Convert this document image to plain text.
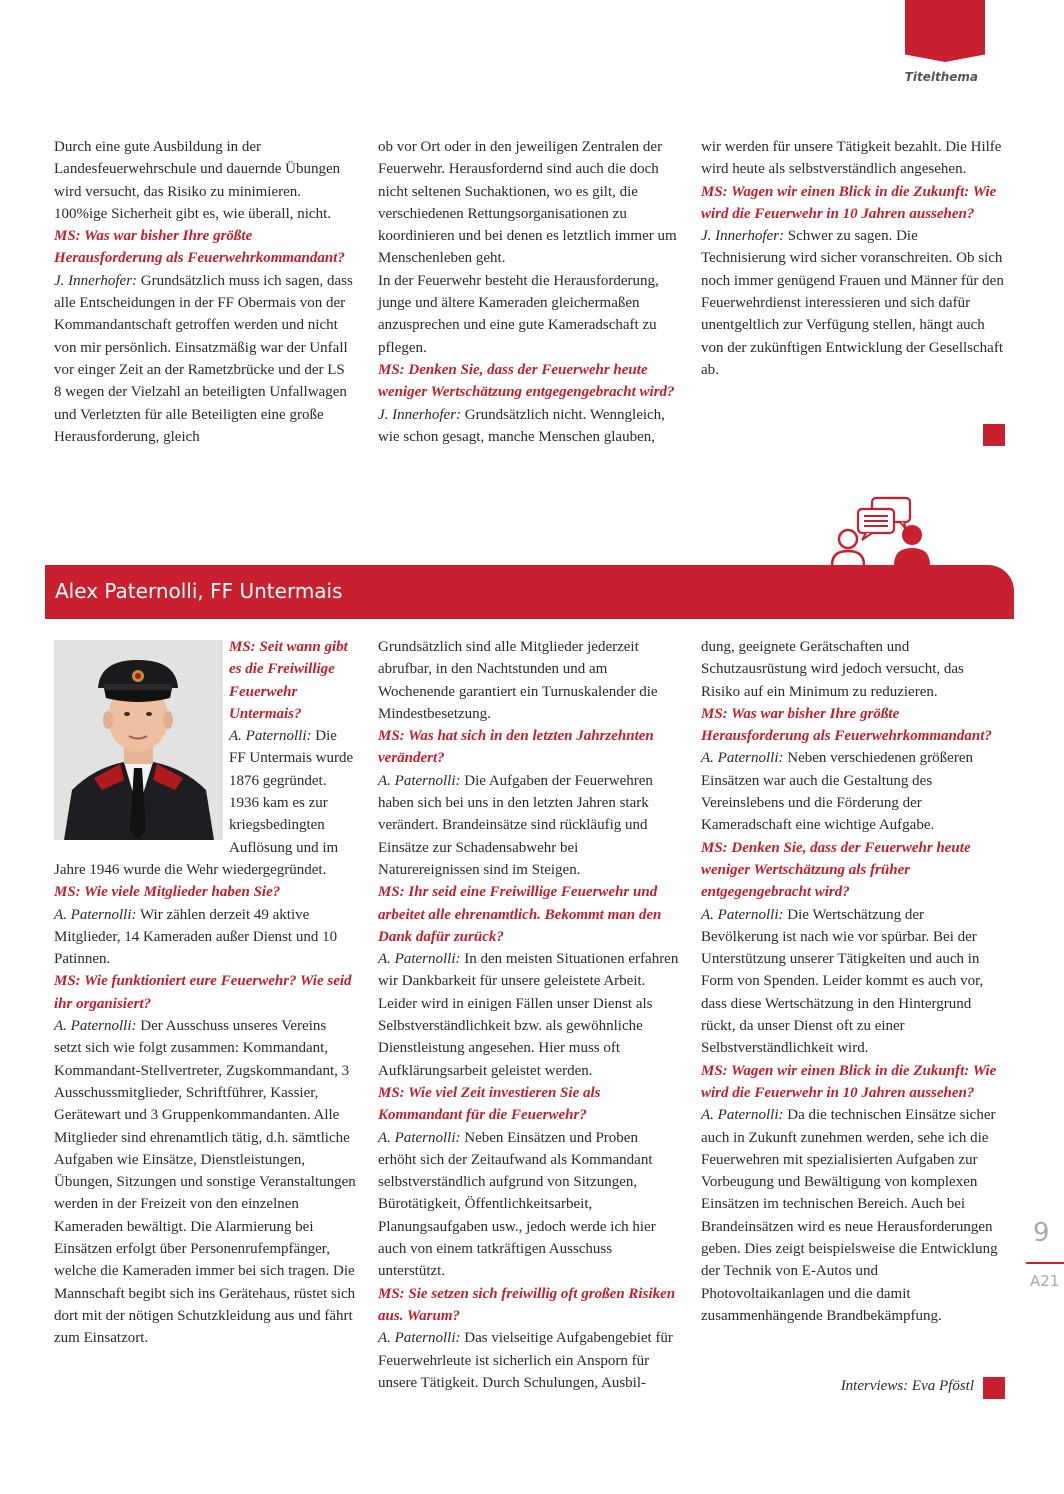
Titelthema

Durch eine gute Ausbildung in der Landesfeuerwehrschule und dauernde Übungen wird versucht, das Risiko zu minimieren. 100%ige Sicherheit gibt es, wie überall, nicht.

MS: Was war bisher Ihre größte Herausforderung als Feuerwehrkommandant?

J. Innerhofer: Grundsätzlich muss ich sagen, dass alle Entscheidungen in der FF Obermais von der Kommandantschaft getroffen werden und nicht von mir persönlich. Einsatzmäßig war der Unfall vor einger Zeit an der Rametzbrücke und der LS 8 wegen der Vielzahl an beteiligten Unfallwagen und Verletzten für alle Beteiligten eine große Herausforderung, gleich

ob vor Ort oder in den jeweiligen Zentralen der Feuerwehr. Herausfordernd sind auch die doch nicht seltenen Suchaktionen, wo es gilt, die verschiedenen Rettungsorganisationen zu koordinieren und bei denen es letztlich immer um Menschenleben geht.

In der Feuerwehr besteht die Herausforderung, junge und ältere Kameraden gleichermaßen anzusprechen und eine gute Kameradschaft zu pflegen.

MS: Denken Sie, dass der Feuerwehr heute weniger Wertschätzung entgegengebracht wird?

J. Innerhofer: Grundsätzlich nicht. Wenngleich, wie schon gesagt, manche Menschen glauben,

wir werden für unsere Tätigkeit bezahlt. Die Hilfe wird heute als selbstverständlich angesehen.

MS: Wagen wir einen Blick in die Zukunft: Wie wird die Feuerwehr in 10 Jahren aussehen?

J. Innerhofer: Schwer zu sagen. Die Technisierung wird sicher voranschreiten. Ob sich noch immer genügend Frauen und Männer für den Feuerwehrdienst interessieren und sich dafür unentgeltlich zur Verfügung stellen, hängt auch von der zukünftigen Entwicklung der Gesellschaft ab.

Alex Paternolli, FF Untermais

MS: Seit wann gibt es die Freiwillige Feuerwehr Untermais?

A. Paternolli: Die FF Untermais wurde 1876 gegründet. 1936 kam es zur kriegsbedingten Auflösung und im Jahre 1946 wurde die Wehr wiedergegründet.

MS: Wie viele Mitglieder haben Sie?

A. Paternolli: Wir zählen derzeit 49 aktive Mitglieder, 14 Kameraden außer Dienst und 10 Patinnen.

MS: Wie funktioniert eure Feuerwehr? Wie seid ihr organisiert?

A. Paternolli: Der Ausschuss unseres Vereins setzt sich wie folgt zusammen: Kommandant, Kommandant-Stellvertreter, Zugskommandant, 3 Ausschussmitglieder, Schriftführer, Kassier, Gerätewart und 3 Gruppenkommandanten. Alle Mitglieder sind ehrenamtlich tätig, d.h. sämtliche Aufgaben wie Einsätze, Dienstleistungen, Übungen, Sitzungen und sonstige Veranstaltungen werden in der Freizeit von den einzelnen Kameraden bewältigt. Die Alarmierung bei Einsätzen erfolgt über Personenrufempfänger, welche die Kameraden immer bei sich tragen. Die Mannschaft begibt sich ins Gerätehaus, rüstet sich dort mit der nötigen Schutzkleidung aus und fährt zum Einsatzort.

Grundsätzlich sind alle Mitglieder jederzeit abrufbar, in den Nachtstunden und am Wochenende garantiert ein Turnuskalender die Mindestbesetzung.

MS: Was hat sich in den letzten Jahrzehnten verändert?

A. Paternolli: Die Aufgaben der Feuerwehren haben sich bei uns in den letzten Jahren stark verändert. Brandeinsätze sind rückläufig und Einsätze zur Schadensabwehr bei Naturereignissen sind im Steigen.

MS: Ihr seid eine Freiwillige Feuerwehr und arbeitet alle ehrenamtlich. Bekommt man den Dank dafür zurück?

A. Paternolli: In den meisten Situationen erfahren wir Dankbarkeit für unsere geleistete Arbeit. Leider wird in einigen Fällen unser Dienst als Selbstverständlichkeit bzw. als gewöhnliche Dienstleistung angesehen. Hier muss oft Aufklärungsarbeit geleistet werden.

MS: Wie viel Zeit investieren Sie als Kommandant für die Feuerwehr?

A. Paternolli: Neben Einsätzen und Proben erhöht sich der Zeitaufwand als Kommandant selbstverständlich aufgrund von Sitzungen, Bürotätigkeit, Öffentlichkeitsarbeit, Planungsaufgaben usw., jedoch werde ich hier auch von einem tatkräftigen Ausschuss unterstützt.

MS: Sie setzen sich freiwillig oft großen Risiken aus. Warum?

A. Paternolli: Das vielseitige Aufgabengebiet für Feuerwehrleute ist sicherlich ein Ansporn für unsere Tätigkeit. Durch Schulungen, Ausbil-

dung, geeignete Gerätschaften und Schutzausrüstung wird jedoch versucht, das Risiko auf ein Minimum zu reduzieren.

MS: Was war bisher Ihre größte Herausforderung als Feuerwehrkommandant?

A. Paternolli: Neben verschiedenen größeren Einsätzen war auch die Gestaltung des Vereinslebens und die Förderung der Kameradschaft eine wichtige Aufgabe.

MS: Denken Sie, dass der Feuerwehr heute weniger Wertschätzung als früher entgegengebracht wird?

A. Paternolli: Die Wertschätzung der Bevölkerung ist nach wie vor spürbar. Bei der Unterstützung unserer Tätigkeiten und auch in Form von Spenden. Leider kommt es auch vor, dass diese Wertschätzung in den Hintergrund rückt, da unser Dienst oft zu einer Selbstverständlichkeit wird.

MS: Wagen wir einen Blick in die Zukunft: Wie wird die Feuerwehr in 10 Jahren aussehen?

A. Paternolli: Da die technischen Einsätze sicher auch in Zukunft zunehmen werden, sehe ich die Feuerwehren mit spezialisierten Aufgaben zur Vorbeugung und Bewältigung von komplexen Einsätzen im technischen Bereich. Auch bei Brandeinsätzen wird es neue Herausforderungen geben. Dies zeigt beispielsweise die Entwicklung der Technik von E-Autos und Photovoltaikanlagen und die damit zusammenhängende Brandbekämpfung.

Interviews: Eva Pföstl
9
A21
